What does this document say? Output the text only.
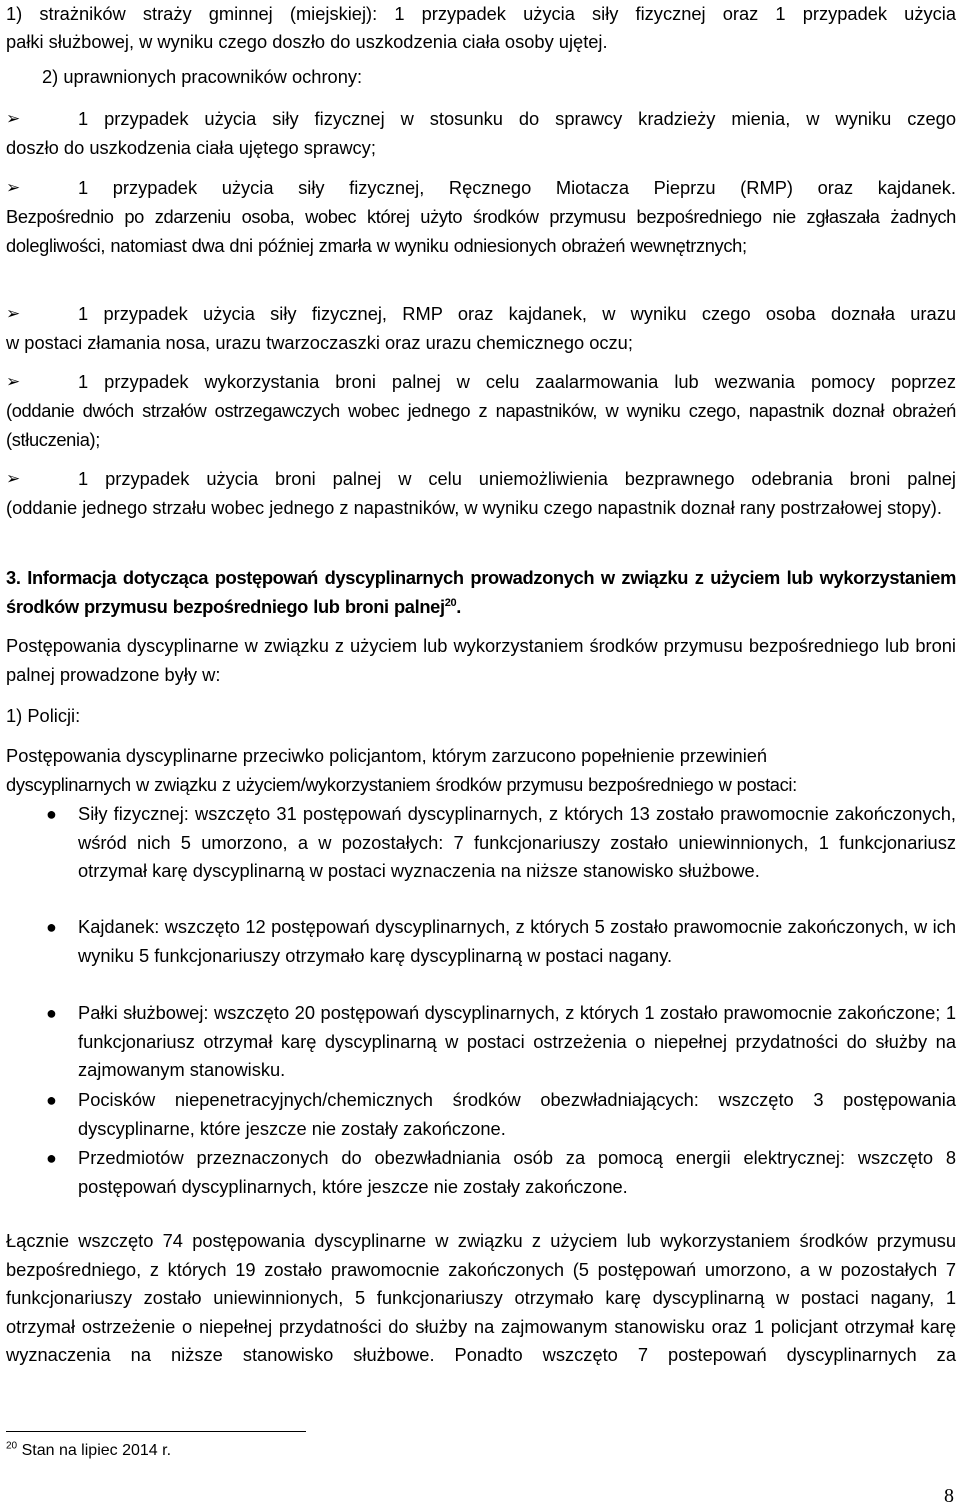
1) strażników straży gminnej (miejskiej): 1 przypadek użycia siły fizycznej oraz 1 przypadek użycia

pałki służbowej, w wyniku czego doszło do uszkodzenia ciała osoby ujętej.

2) uprawnionych pracowników ochrony:

➢	1 przypadek użycia siły fizycznej w stosunku do sprawcy kradzieży mienia, w wyniku czego

doszło do uszkodzenia ciała ujętego sprawcy;

➢	1 przypadek użycia siły fizycznej, Ręcznego Miotacza Pieprzu (RMP) oraz kajdanek.

Bezpośrednio po zdarzeniu osoba, wobec której użyto środków przymusu bezpośredniego nie zgłaszała żadnych dolegliwości, natomiast dwa dni później zmarła w wyniku odniesionych obrażeń wewnętrznych;

➢	1 przypadek użycia siły fizycznej, RMP oraz kajdanek, w wyniku czego osoba doznała urazu

w postaci złamania nosa, urazu twarzoczaszki oraz urazu chemicznego oczu;

➢	1 przypadek wykorzystania broni palnej w celu zaalarmowania lub wezwania pomocy poprzez

(oddanie dwóch strzałów ostrzegawczych wobec jednego z napastników, w wyniku czego, napastnik doznał obrażeń (stłuczenia);

➢	1 przypadek użycia broni palnej w celu uniemożliwienia bezprawnego odebrania broni palnej

(oddanie jednego strzału wobec jednego z napastników, w wyniku czego napastnik doznał rany postrzałowej stopy).

3. Informacja dotycząca postępowań dyscyplinarnych prowadzonych w związku z użyciem lub wykorzystaniem środków przymusu bezpośredniego lub broni palnej$^{20}$.

Postępowania dyscyplinarne w związku z użyciem lub wykorzystaniem środków przymusu bezpośredniego lub broni palnej prowadzone były w:

1) Policji:

Postępowania dyscyplinarne przeciwko policjantom, którym zarzucono popełnienie przewinień

dyscyplinarnych w związku z użyciem/wykorzystaniem środków przymusu bezpośredniego w postaci:

● Siły fizycznej: wszczęto 31 postępowań dyscyplinarnych, z których 13 zostało prawomocnie zakończonych, wśród nich 5 umorzono, a w pozostałych: 7 funkcjonariuszy zostało uniewinnionych, 1 funkcjonariusz otrzymał karę dyscyplinarną w postaci wyznaczenia na niższe stanowisko służbowe.

● Kajdanek: wszczęto 12 postępowań dyscyplinarnych, z których 5 zostało prawomocnie zakończonych, w ich wyniku 5 funkcjonariuszy otrzymało karę dyscyplinarną w postaci nagany.

● Pałki służbowej: wszczęto 20 postępowań dyscyplinarnych, z których 1 zostało prawomocnie zakończone; 1 funkcjonariusz otrzymał karę dyscyplinarną w postaci ostrzeżenia o niepełnej przydatności do służby na zajmowanym stanowisku.

● Pocisków niepenetracyjnych/chemicznych środków obezwładniających: wszczęto 3 postępowania dyscyplinarne, które jeszcze nie zostały zakończone.

● Przedmiotów przeznaczonych do obezwładniania osób za pomocą energii elektrycznej: wszczęto 8 postępowań dyscyplinarnych, które jeszcze nie zostały zakończone.

Łącznie wszczęto 74 postępowania dyscyplinarne w związku z użyciem lub wykorzystaniem środków przymusu bezpośredniego, z których 19 zostało prawomocnie zakończonych (5 postępowań umorzono, a w pozostałych 7 funkcjonariuszy zostało uniewinnionych, 5 funkcjonariuszy otrzymało karę dyscyplinarną w postaci nagany, 1 otrzymał ostrzeżenie o niepełnej przydatności do służby na zajmowanym stanowisku oraz 1 policjant otrzymał karę wyznaczenia na niższe stanowisko służbowe. Ponadto wszczęto 7 postepowań dyscyplinarnych za

$^{20}$ Stan na lipiec 2014 r.
8
